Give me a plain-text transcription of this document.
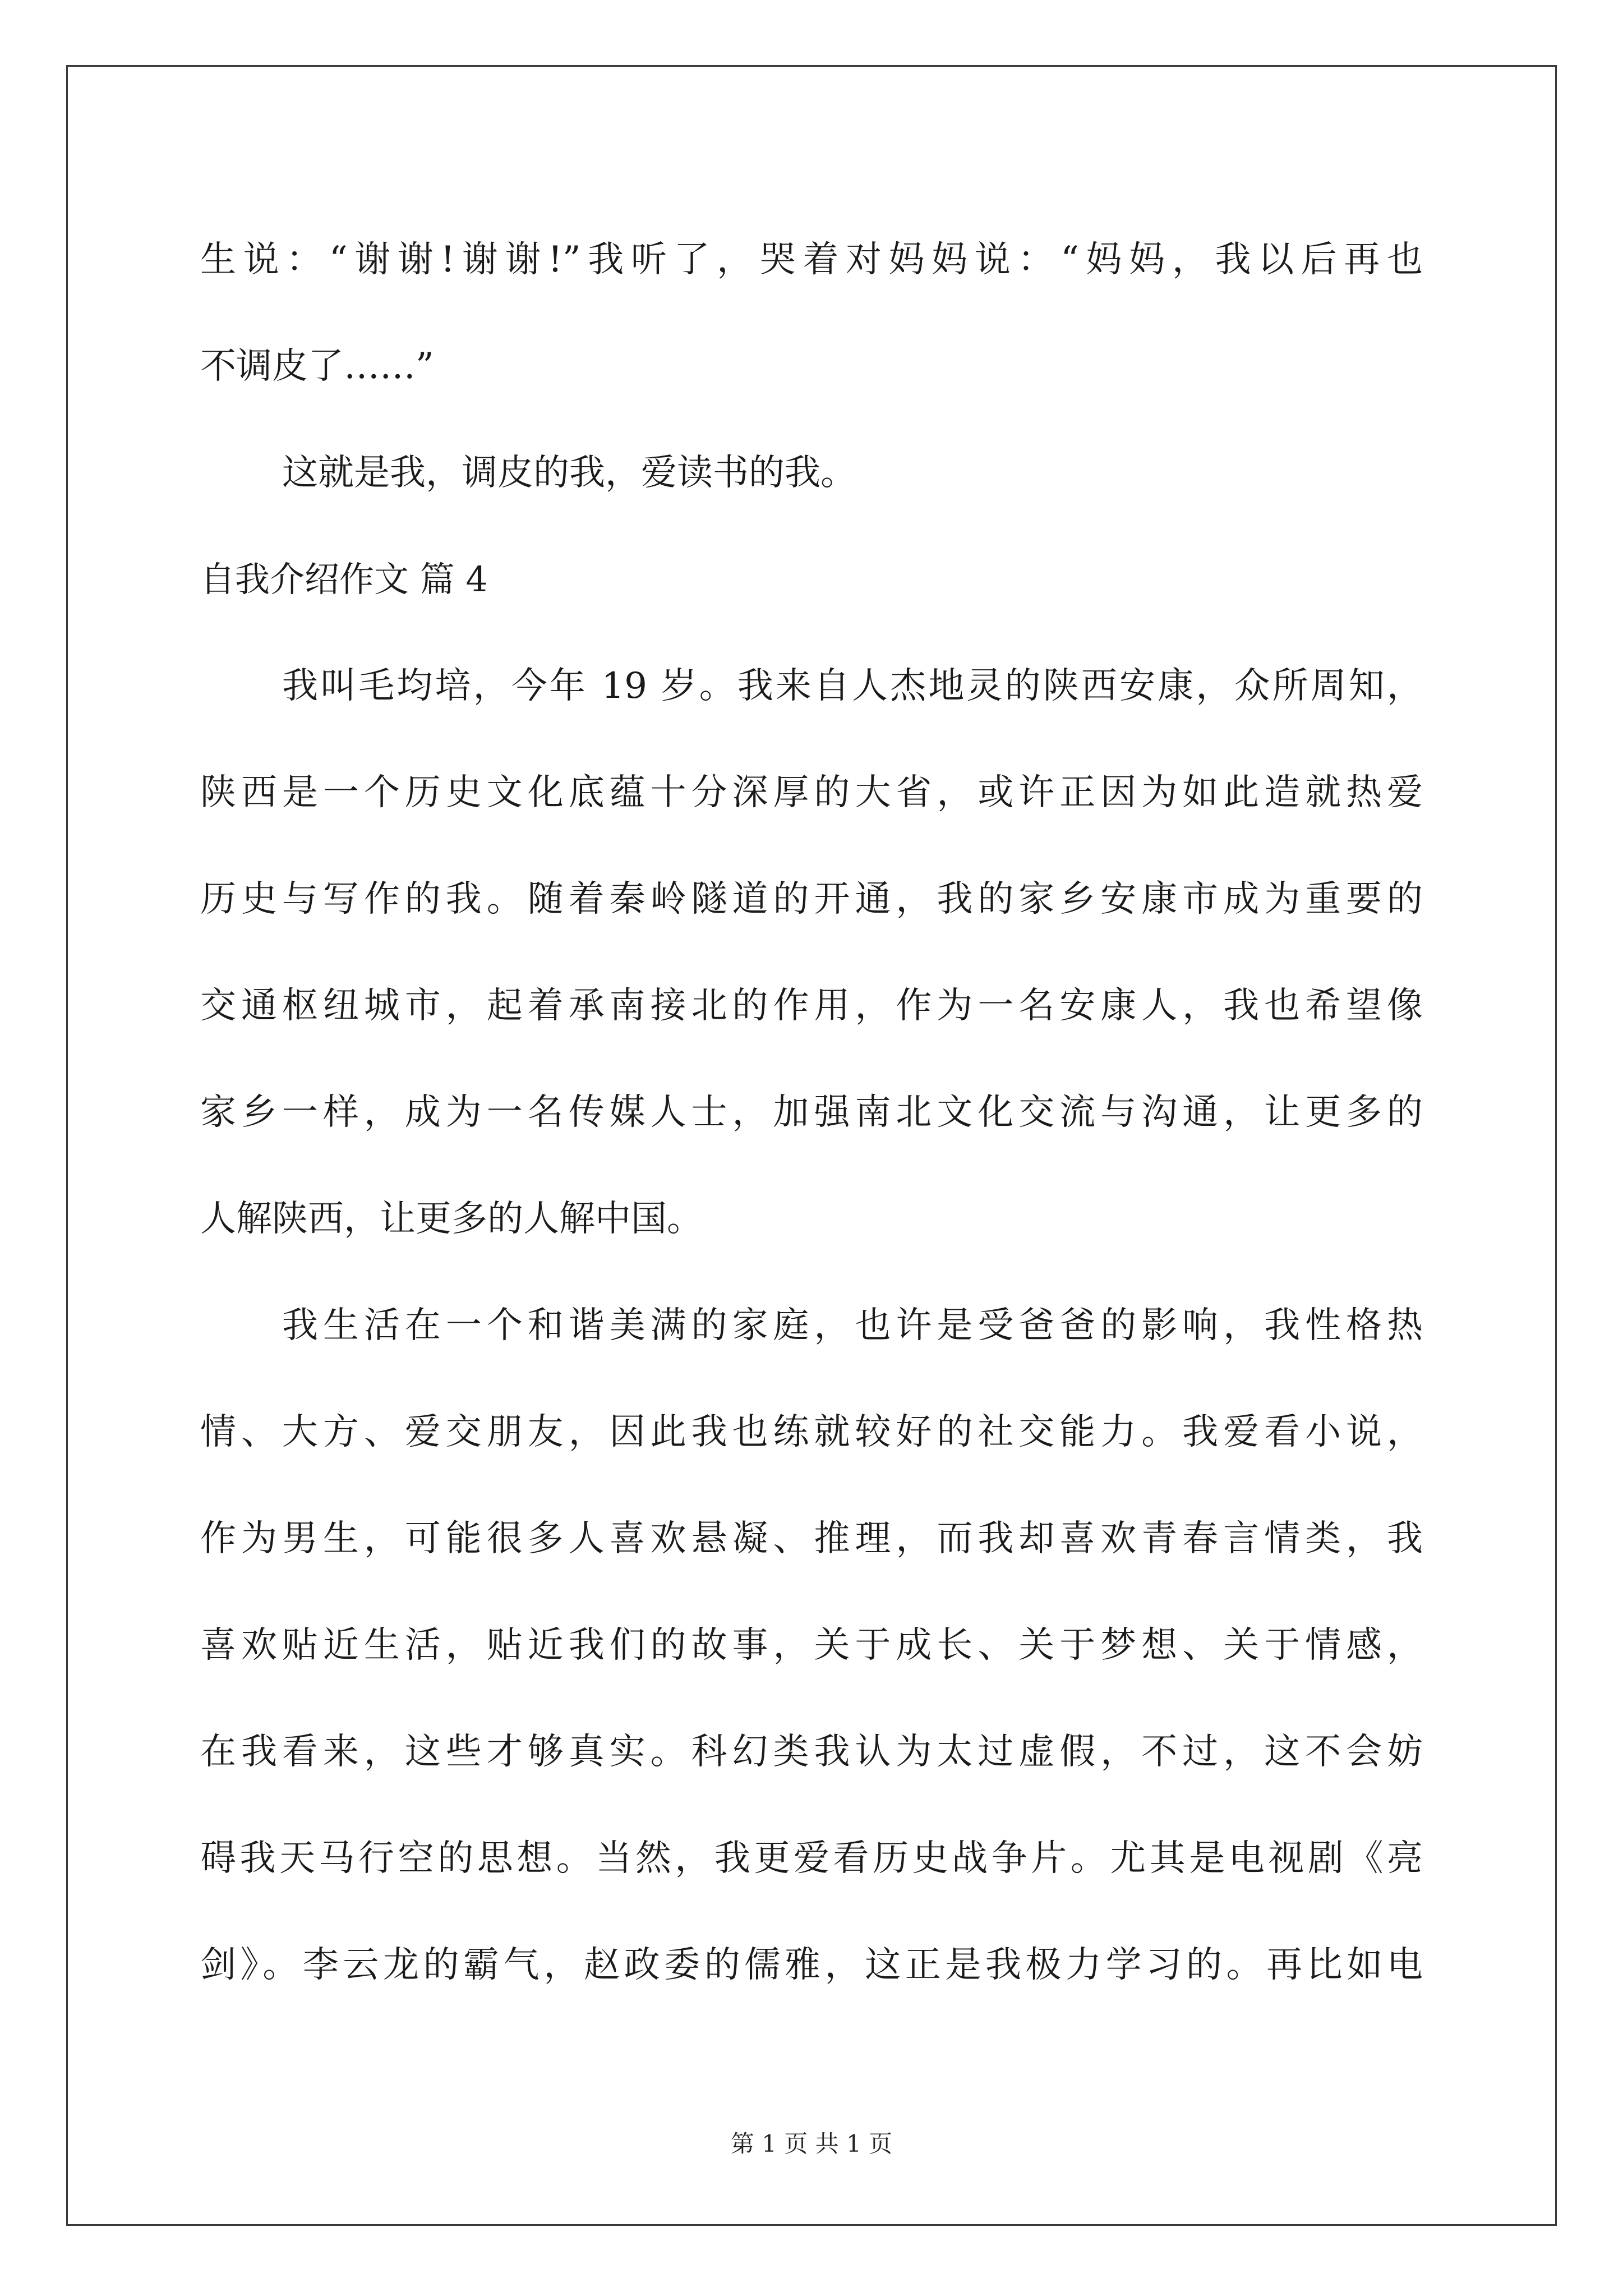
生说：“谢谢!谢谢!”我听了，哭着对妈妈说：“妈妈，我以后再也
不调皮了……”
这就是我，调皮的我，爱读书的我。
自我介绍作文 篇 4
我叫毛均培，今年 19 岁。我来自人杰地灵的陕西安康，众所周知，
陕西是一个历史文化底蕴十分深厚的大省，或许正因为如此造就热爱
历史与写作的我。随着秦岭隧道的开通，我的家乡安康市成为重要的
交通枢纽城市，起着承南接北的作用，作为一名安康人，我也希望像
家乡一样，成为一名传媒人士，加强南北文化交流与沟通，让更多的
人解陕西，让更多的人解中国。
我生活在一个和谐美满的家庭，也许是受爸爸的影响，我性格热
情、大方、爱交朋友，因此我也练就较好的社交能力。我爱看小说，
作为男生，可能很多人喜欢悬凝、推理，而我却喜欢青春言情类，我
喜欢贴近生活，贴近我们的故事，关于成长、关于梦想、关于情感，
在我看来，这些才够真实。科幻类我认为太过虚假，不过，这不会妨
碍我天马行空的思想。当然，我更爱看历史战争片。尤其是电视剧《亮
剑》。李云龙的霸气，赵政委的儒雅，这正是我极力学习的。再比如电
第 1 页 共 1 页
